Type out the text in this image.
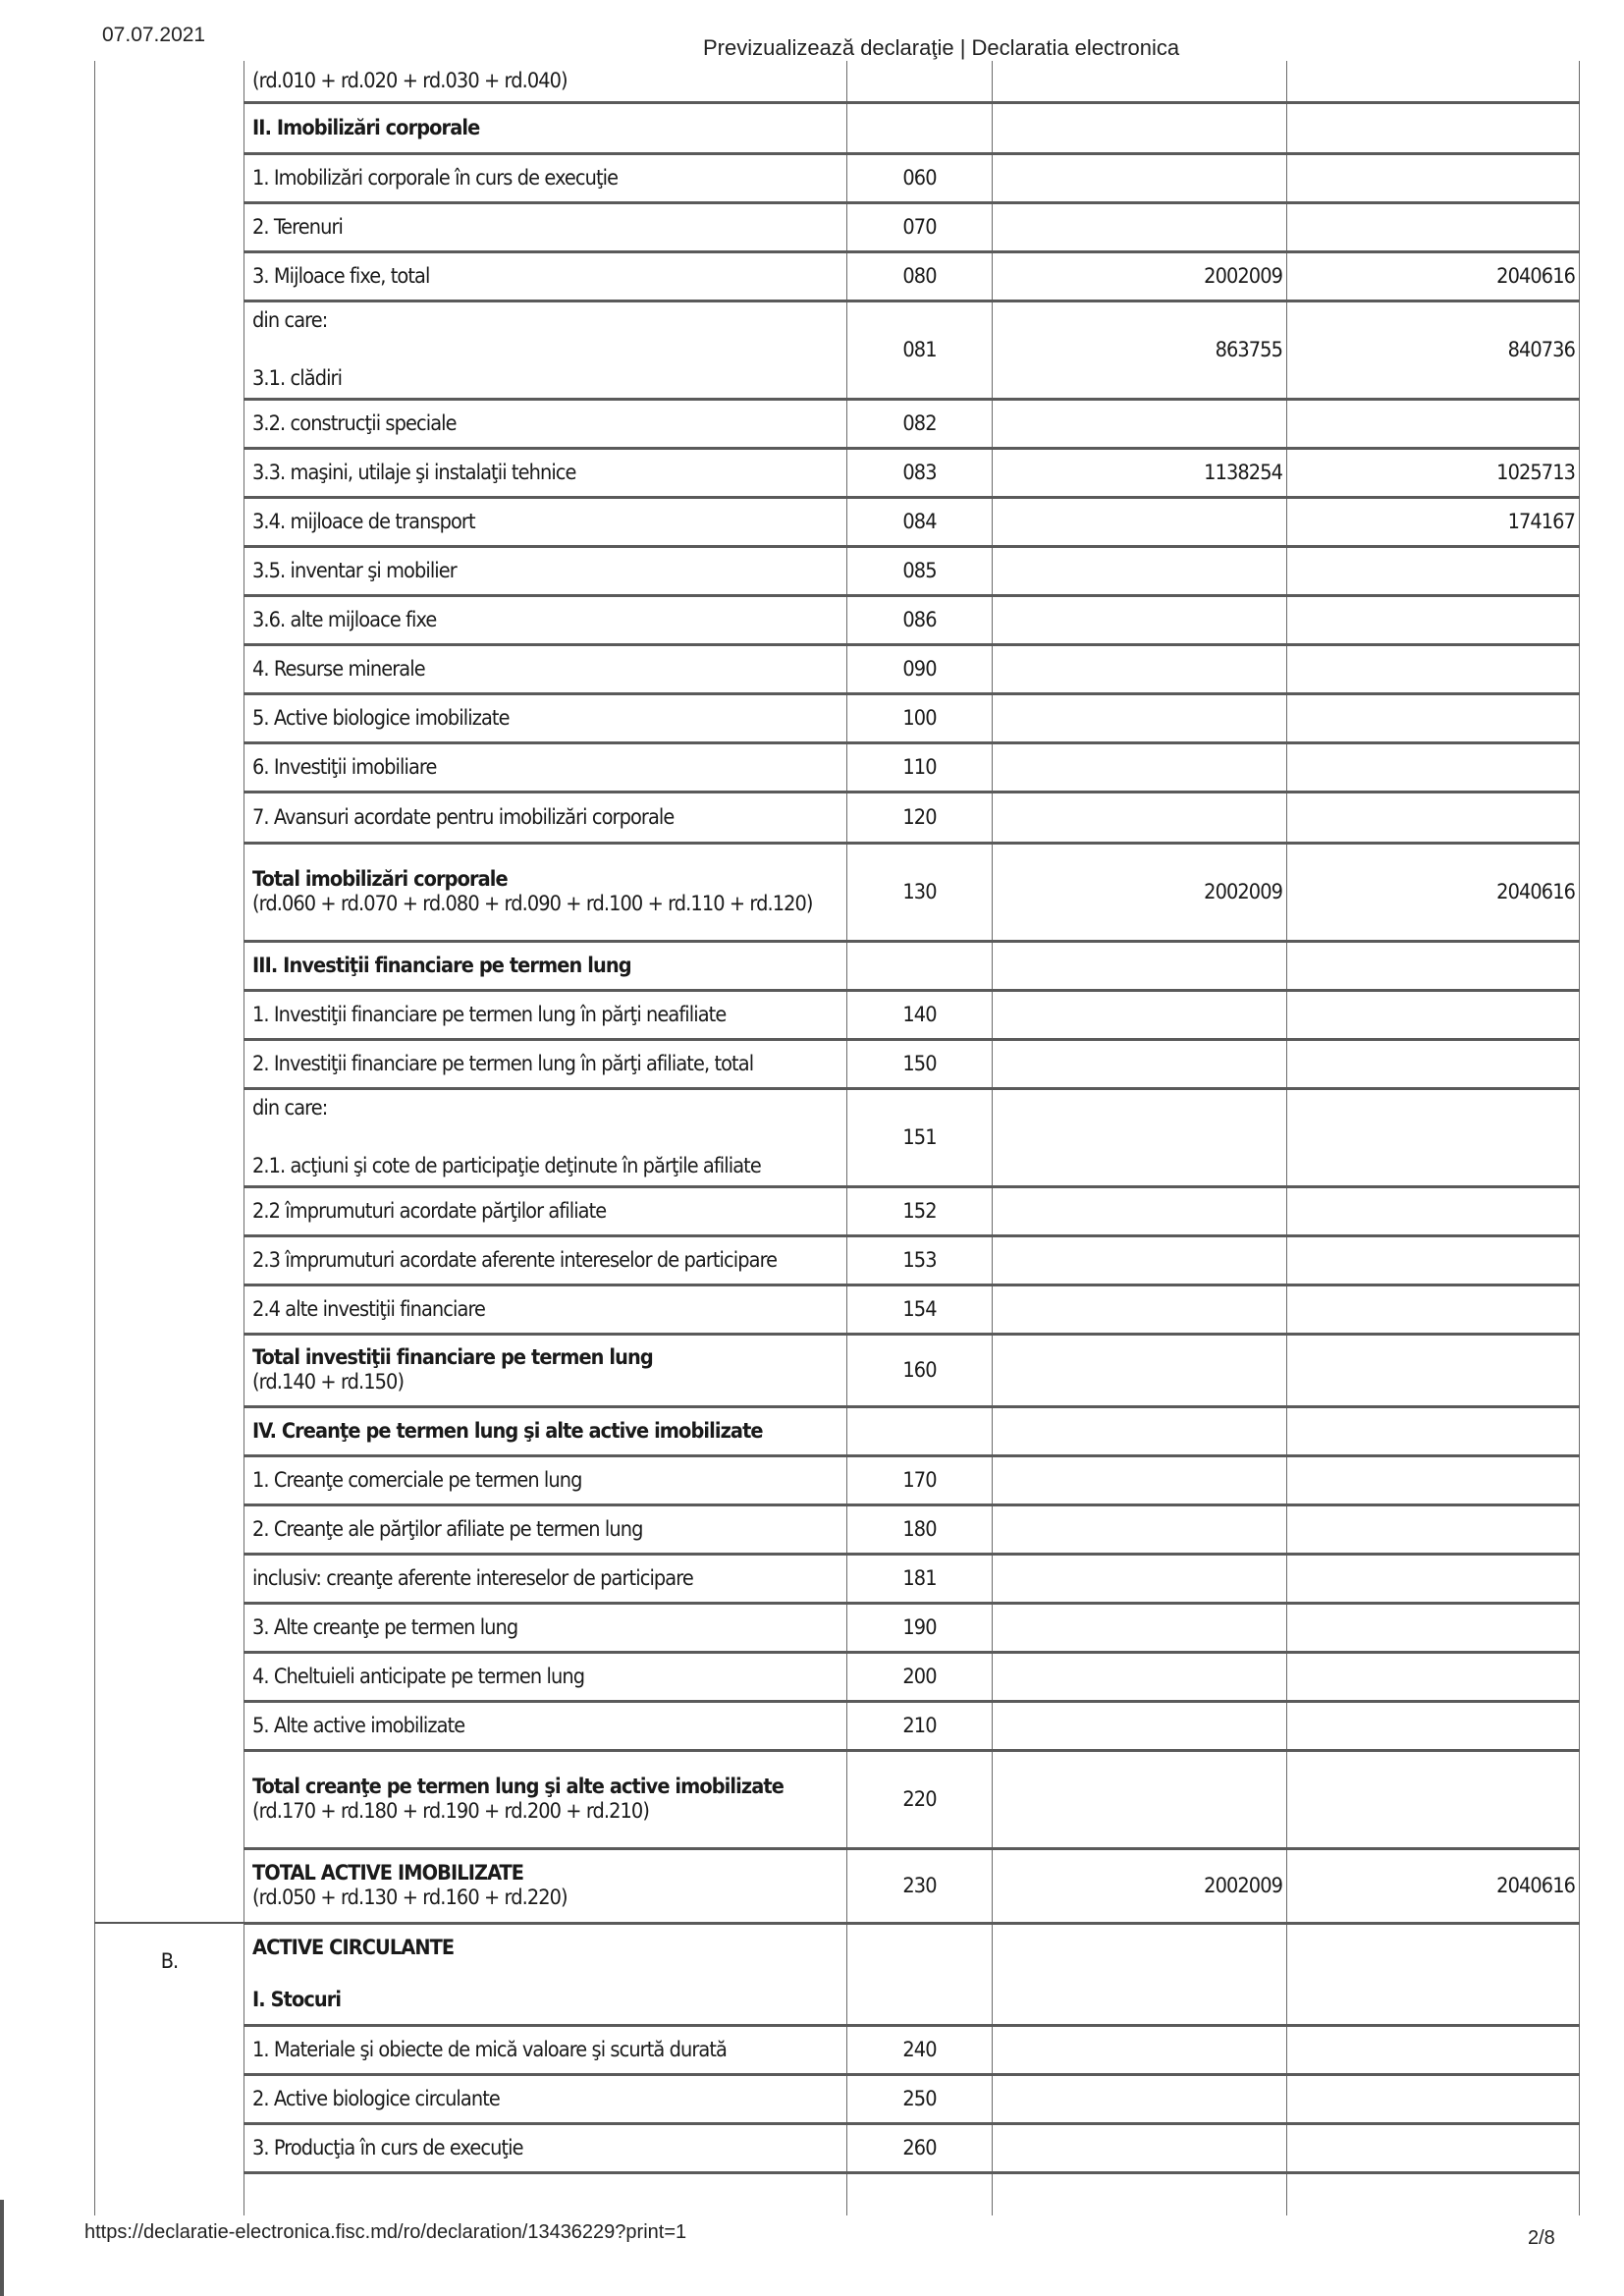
07.07.2021
Previzualizează declaraţie | Declaratia electronica
	(rd.010 + rd.020 + rd.030 + rd.040)			
	II. Imobilizări corporale			
	1. Imobilizări corporale în curs de execuţie	060		
	2. Terenuri	070		
	3. Mijloace fixe, total	080	2002009	2040616

	din care:
3.1. clădiri	081	863755	840736
	3.2. construcţii speciale	082		
	3.3. maşini, utilaje şi instalaţii tehnice	083	1138254	1025713
	3.4. mijloace de transport	084		174167
	3.5. inventar şi mobilier	085		
	3.6. alte mijloace fixe	086		
	4. Resurse minerale	090		
	5. Active biologice imobilizate	100		
	6. Investiţii imobiliare	110		
	7. Avansuri acordate pentru imobilizări corporale	120		

	Total imobilizări corporale
(rd.060 + rd.070 + rd.080 + rd.090 + rd.100 + rd.110 + rd.120)	130	2002009	2040616
	III. Investiţii financiare pe termen lung			
	1. Investiţii financiare pe termen lung în părţi neafiliate	140		
	2. Investiţii financiare pe termen lung în părţi afiliate, total	150		

	din care:
2.1. acţiuni şi cote de participaţie deţinute în părţile afiliate	151		
	2.2 împrumuturi acordate părţilor afiliate	152		
	2.3 împrumuturi acordate aferente intereselor de participare	153		
	2.4 alte investiţii financiare	154		

	Total investiţii financiare pe termen lung
(rd.140 + rd.150)	160		
	IV. Creanţe pe termen lung şi alte active imobilizate			
	1. Creanţe comerciale pe termen lung	170		
	2. Creanţe ale părţilor afiliate pe termen lung	180		
	inclusiv: creanţe aferente intereselor de participare	181		
	3. Alte creanţe pe termen lung	190		
	4. Cheltuieli anticipate pe termen lung	200		
	5. Alte active imobilizate	210		

	Total creanţe pe termen lung şi alte active imobilizate
(rd.170 + rd.180 + rd.190 + rd.200 + rd.210)	220		

	TOTAL ACTIVE IMOBILIZATE
(rd.050 + rd.130 + rd.160 + rd.220)	230	2002009	2040616
B.	ACTIVE CIRCULANTE
I. Stocuri			

	1. Materiale şi obiecte de mică valoare şi scurtă durată	240		
	2. Active biologice circulante	250		
	3. Producţia în curs de execuţie	260		

https://declaratie-electronica.fisc.md/ro/declaration/13436229?print=1	2/8
